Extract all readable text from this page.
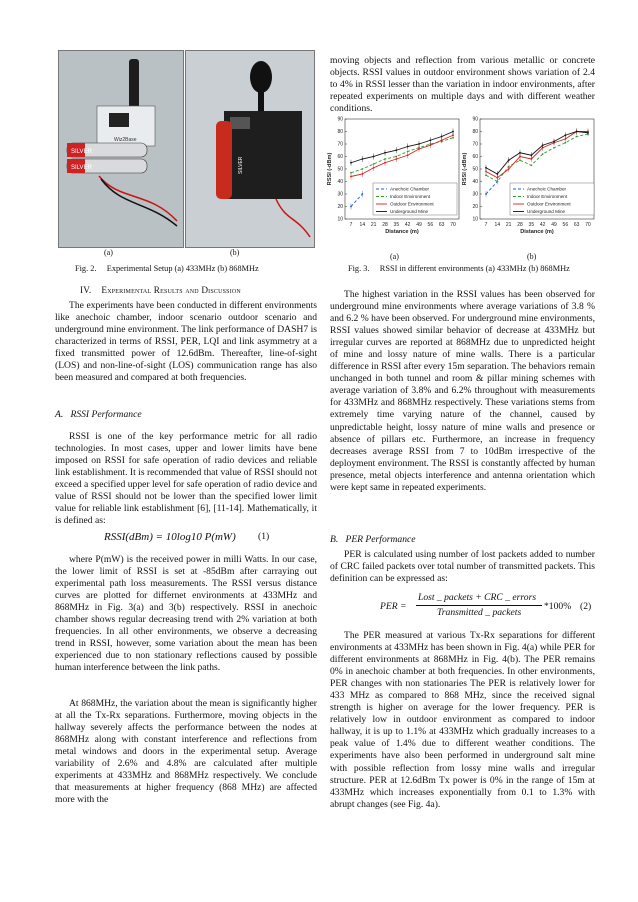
SILVER
SILVER
Wiz2Base
SILVER
(a)	(b)
Fig. 2.     Experimental Setup (a) 433MHz (b) 868MHz
IV.    Experimental Results and Discussion

The experiments have been conducted in different environments like anechoic chamber, indoor scenario outdoor scenario and underground mine environment. The link performance of DASH7 is characterized in terms of RSSI, PER, LQI and link asymmetry at a fixed transmitted power of 12.6dBm. Thereafter, line-of-sight (LOS) and non-line-of-sight (LOS) communication range has also been measured and compared at both frequencies.

A.   RSSI Performance

RSSI is one of the key performance metric for all radio technologies. In most cases, upper and lower limits have bene imposed on RSSI for safe operation of radio devices and reliable link establishment. It is recommended that value of RSSI should not exceed a specified upper level for safe operation of radio device and value of RSSI should not be lower than the specified lower limit value for reliable link establishment [6], [11-14]. Mathematically, it is defined as:

RSSI(dBm) = 10log10 P(mW) (1)

where P(mW) is the received power in milli Watts. In our case, the lower limit of RSSI is set at -85dBm after carraying out experimental path loss measurements. The RSSI versus distance curves are plotted for differnet environments at 433MHz and 868MHz in Fig. 3(a) and 3(b) respectively. RSSI in anechoic chamber shows regular decreasing trend with 2% variation at both frequencies. In all other environments, we observe a decreasing trend in RSSI, however, some variation about the mean has been experienced due to non stationary reflections caused by possible human interference between the link paths.

At 868MHz, the variation about the mean is significantly higher at all the Tx-Rx separations. Furthermore, moving objects in the hallway severely affects the performance between the nodes at 868MHz along with constant interference and reflections from metal windows and doors in the experimental setup. Average variability of 2.6% and 4.8% are calculated after multiple experiments at 433MHz and 868MHz respectively. We conclude that measurements at higher frequency (868 MHz) are affected more with the

moving objects and reflection from various metallic or concrete objects. RSSI values in outdoor environment shows variation of 2.4 to 4% in RSSI lesser than the variation in indoor environments, after repeated experiments on multiple days and with different weather conditions.

10
20
30
40
50
60
70
80
90
7 14 21 28 35 42 49 56 63 70
Distance (m)
RSSI (-dBm)
Anechoic Chamber
Indoor Environment
Outdoor Environment
Underground Mine
10
20
30
40
50
60
70
80
90
7 14 21 28 35 42 49 56 63 70
Distance (m)
RSSI (-dBm)
Anechoic Chamber
Indoor Environment
Outdoor Environment
Underground Mine
(a)	(b)
Fig. 3.     RSSI in different environments (a) 433MHz (b) 868MHz

The highest variation in the RSSI values has been observed for underground mine environments where average variations of 3.8 % and 6.2 % have been observed. For underground mine environments, RSSI values showed similar behavior of decrease at 433MHz but irregular curves are reported at 868MHz due to unpredicted height of mine and lossy nature of mine walls. There is a particular difference in RSSI after every 15m separation. The behaviors remain unchanged in both tunnel and room & pillar mining schemes with average variation of 3.8% and 6.2% throughout with measurements for 433MHz and 868MHz respectively. These variations stems from extremely time varying nature of the channel, caused by unpredictable height, lossy nature of mine walls and presence or absence of pillars etc. Furthermore, an increase in frequency decreases average RSSI from 7 to 10dBm irrespective of the deployment environment. The RSSI is constantly affected by human presence, metal objects interference and antenna orientation which were kept same in repeated experiments.

B.   PER Performance

PER is calculated using number of lost packets added to number of CRC failed packets over total number of transmitted packets. This definition can be expressed as:

PER =
Lost _ packets + CRC _ errors
Transmitted _ packets
*100% (2)

The PER measured at various Tx-Rx separations for different environments at 433MHz has been shown in Fig. 4(a) while PER for different environments at 868MHz in Fig. 4(b). The PER remains 0% in anechoic chamber at both frequencies. In other environments, PER changes with non stationaries The PER is relatively lower for 433 MHz as compared to 868 MHz, since the received signal strength is higher on average for the lower frequency. PER is relatively low in outdoor environment as compared to indoor hallway, it is up to 1.1% at 433MHz which gradually increases to a peak value of 1.4% due to different weather conditions. The experiments have also been performed in underground salt mine with possible reflection from lossy mine walls and irregular structure. PER at 12.6dBm Tx power is 0% in the range of 15m at 433MHz which increases exponentially from 0.1 to 1.3% with abrupt changes (see Fig. 4a).
